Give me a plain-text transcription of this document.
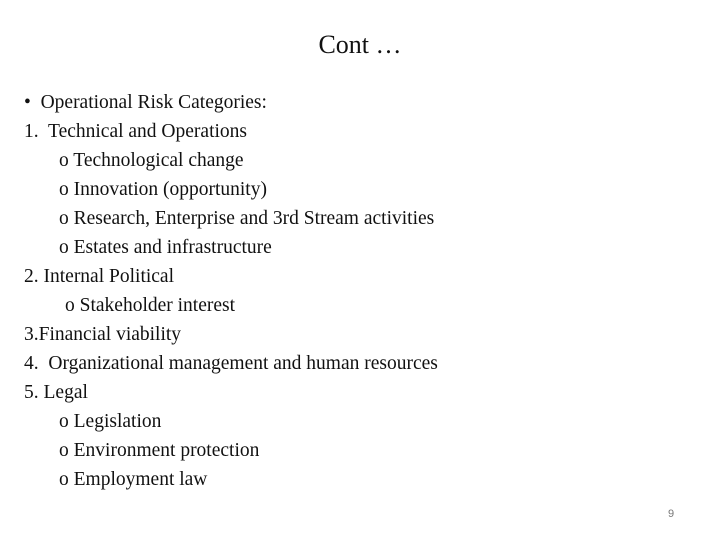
Cont …
•  Operational Risk Categories:
1.  Technical and Operations
o Technological change
o Innovation (opportunity)
o Research, Enterprise and 3rd Stream activities
o Estates and infrastructure
2. Internal Political
o Stakeholder interest
3.Financial viability
4.  Organizational management and human resources
5. Legal
o Legislation
o Environment protection
o Employment law
9
